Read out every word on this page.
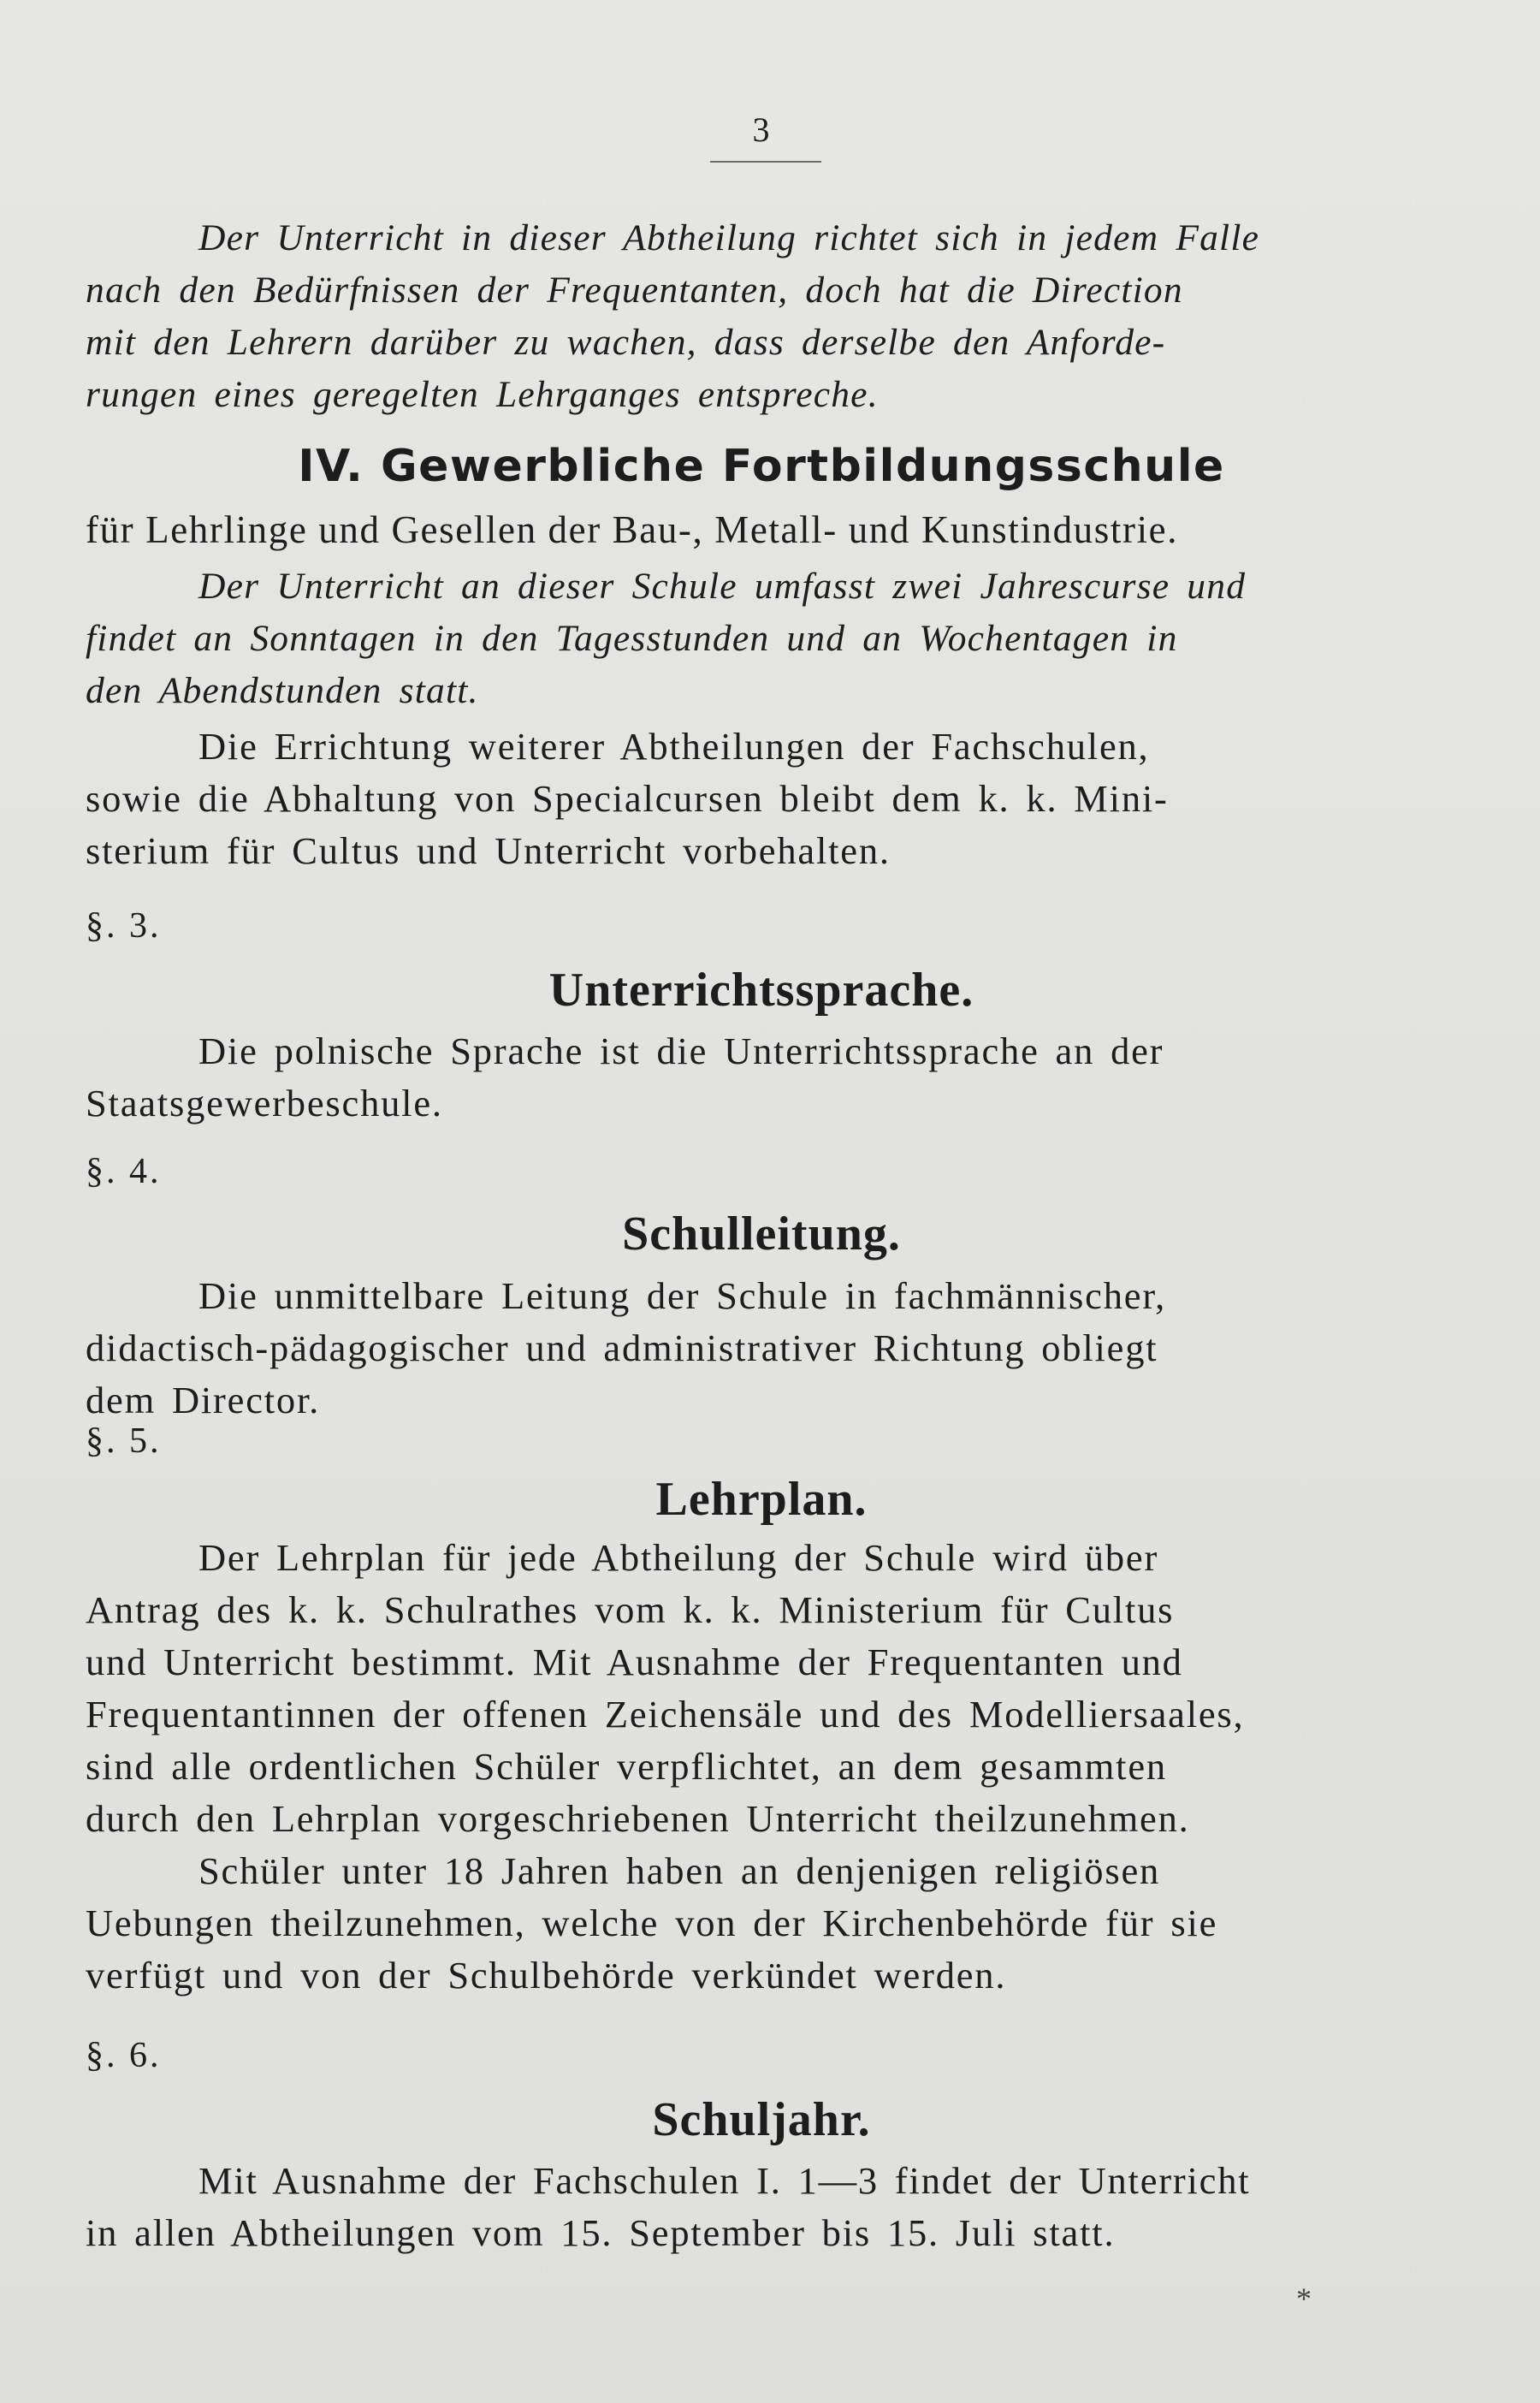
3

Der Unterricht in dieser Abtheilung richtet sich in jedem Falle

nach den Bedürfnissen der Frequentanten, doch hat die Direction

mit den Lehrern darüber zu wachen, dass derselbe den Anforde-

rungen eines geregelten Lehrganges entspreche.

IV. Gewerbliche Fortbildungsschule

für Lehrlinge und Gesellen der Bau-, Metall- und Kunstindustrie.

Der Unterricht an dieser Schule umfasst zwei Jahrescurse und

findet an Sonntagen in den Tagesstunden und an Wochentagen in

den Abendstunden statt.

Die Errichtung weiterer Abtheilungen der Fachschulen,

sowie die Abhaltung von Specialcursen bleibt dem k. k. Mini-

sterium für Cultus und Unterricht vorbehalten.

§. 3.

Unterrichtssprache.

Die polnische Sprache ist die Unterrichtssprache an der

Staatsgewerbeschule.

§. 4.

Schulleitung.

Die unmittelbare Leitung der Schule in fachmännischer,

didactisch-pädagogischer und administrativer Richtung obliegt

dem Director.

§. 5.

Lehrplan.

Der Lehrplan für jede Abtheilung der Schule wird über

Antrag des k. k. Schulrathes vom k. k. Ministerium für Cultus

und Unterricht bestimmt. Mit Ausnahme der Frequentanten und

Frequentantinnen der offenen Zeichensäle und des Modelliersaales,

sind alle ordentlichen Schüler verpflichtet, an dem gesammten

durch den Lehrplan vorgeschriebenen Unterricht theilzunehmen.

Schüler unter 18 Jahren haben an denjenigen religiösen

Uebungen theilzunehmen, welche von der Kirchenbehörde für sie

verfügt und von der Schulbehörde verkündet werden.

§. 6.

Schuljahr.

Mit Ausnahme der Fachschulen I. 1—3 findet der Unterricht

in allen Abtheilungen vom 15. September bis 15. Juli statt.

*
